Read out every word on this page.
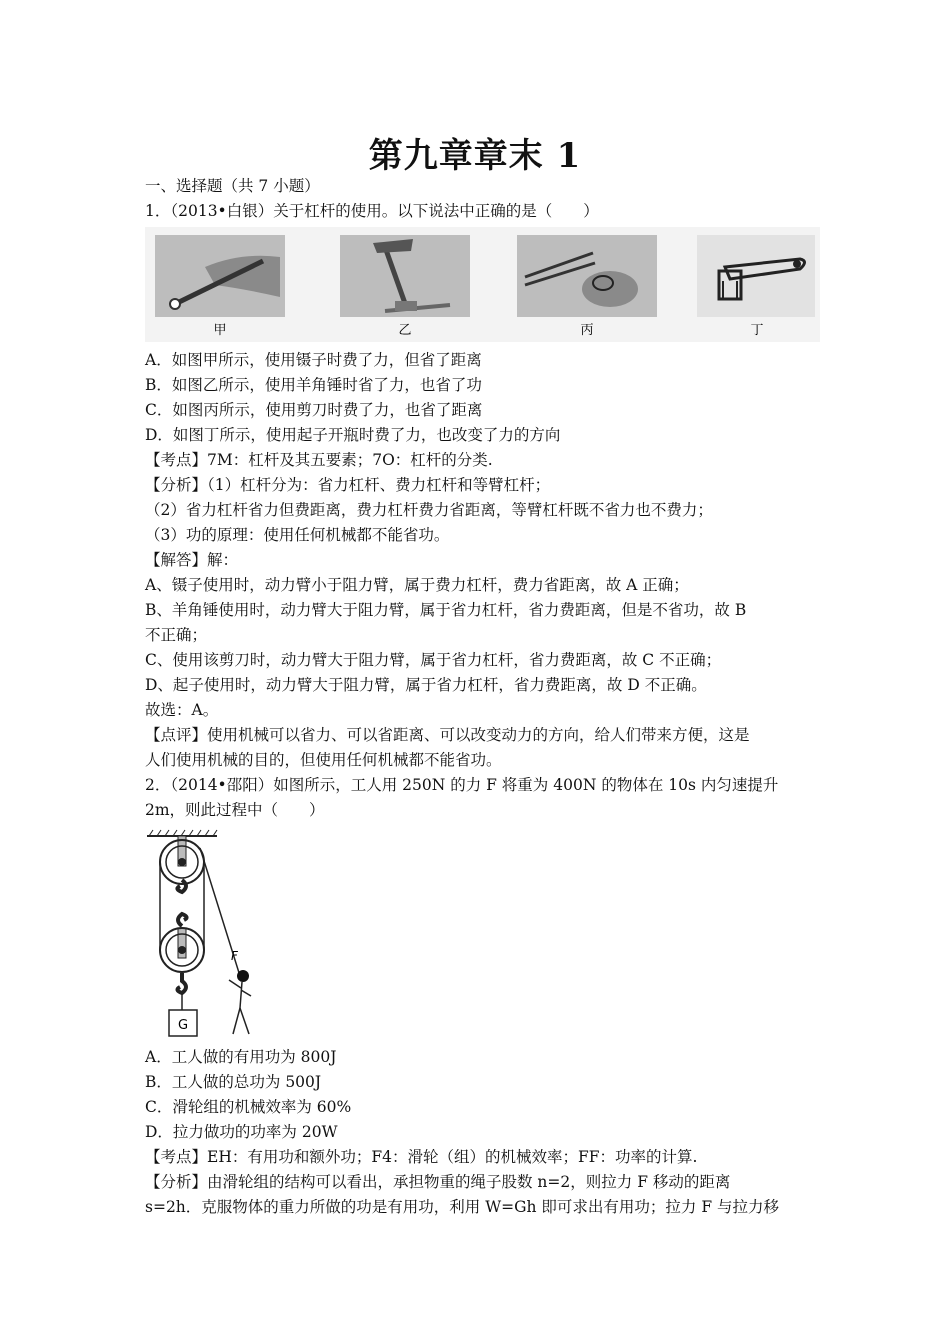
第九章章末 1
一、选择题（共 7 小题）
1．（2013•白银）关于杠杆的使用。以下说法中正确的是（　　）
甲	乙	丙	丁
A．如图甲所示，使用镊子时费了力，但省了距离
B．如图乙所示，使用羊角锤时省了力，也省了功
C．如图丙所示，使用剪刀时费了力，也省了距离
D．如图丁所示，使用起子开瓶时费了力，也改变了力的方向
【考点】7M：杠杆及其五要素；7O：杠杆的分类.
【分析】（1）杠杆分为：省力杠杆、费力杠杆和等臂杠杆；
（2）省力杠杆省力但费距离，费力杠杆费力省距离，等臂杠杆既不省力也不费力；
（3）功的原理：使用任何机械都不能省功。
【解答】解：
A、镊子使用时，动力臂小于阻力臂，属于费力杠杆，费力省距离，故 A 正确；
B、羊角锤使用时，动力臂大于阻力臂，属于省力杠杆，省力费距离，但是不省功，故 B
不正确；
C、使用该剪刀时，动力臂大于阻力臂，属于省力杠杆，省力费距离，故 C 不正确；
D、起子使用时，动力臂大于阻力臂，属于省力杠杆，省力费距离，故 D 不正确。
故选：A。
【点评】使用机械可以省力、可以省距离、可以改变动力的方向，给人们带来方便，这是
人们使用机械的目的，但使用任何机械都不能省功。
2．（2014•邵阳）如图所示，工人用 250N 的力 F 将重为 400N 的物体在 10s 内匀速提升
2m，则此过程中（　　）
G
F
A．工人做的有用功为 800J
B．工人做的总功为 500J
C．滑轮组的机械效率为 60%
D．拉力做功的功率为 20W
【考点】EH：有用功和额外功；F4：滑轮（组）的机械效率；FF：功率的计算.
【分析】由滑轮组的结构可以看出，承担物重的绳子股数 n=2，则拉力 F 移动的距离
s=2h．克服物体的重力所做的功是有用功，利用 W=Gh 即可求出有用功；拉力 F 与拉力移
